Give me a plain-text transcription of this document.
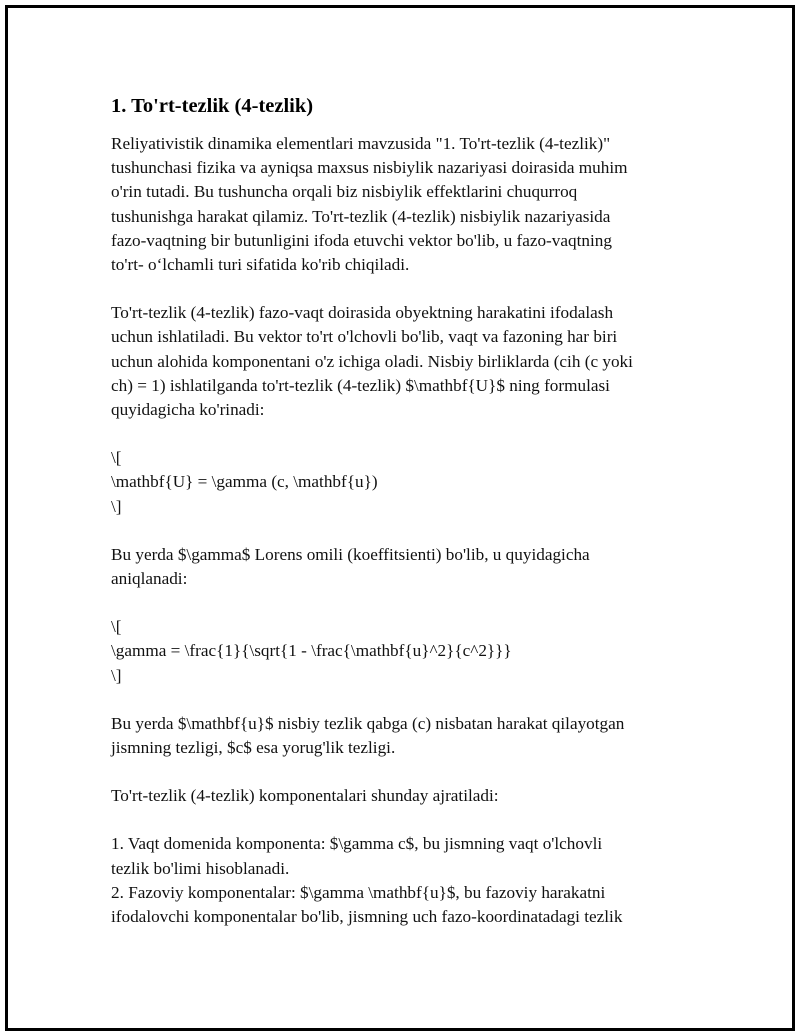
1. To'rt-tezlik (4-tezlik)
Reliyativistik dinamika elementlari mavzusida "1. To'rt-tezlik (4-tezlik)"
tushunchasi fizika va ayniqsa maxsus nisbiylik nazariyasi doirasida muhim
o'rin tutadi. Bu tushuncha orqali biz nisbiylik effektlarini chuqurroq
tushunishga harakat qilamiz. To'rt-tezlik (4-tezlik) nisbiylik nazariyasida
fazo-vaqtning bir butunligini ifoda etuvchi vektor bo'lib, u fazo-vaqtning
to'rt- o‘lchamli turi sifatida ko'rib chiqiladi.
To'rt-tezlik (4-tezlik) fazo-vaqt doirasida obyektning harakatini ifodalash
uchun ishlatiladi. Bu vektor to'rt o'lchovli bo'lib, vaqt va fazoning har biri
uchun alohida komponentani o'z ichiga oladi. Nisbiy birliklarda (cih (c yoki
ch) = 1) ishlatilganda to'rt-tezlik (4-tezlik) $\mathbf{U}$ ning formulasi
quyidagicha ko'rinadi:
\[
\mathbf{U} = \gamma (c, \mathbf{u})
\]
Bu yerda $\gamma$ Lorens omili (koeffitsienti) bo'lib, u quyidagicha
aniqlanadi:
\[
\gamma = \frac{1}{\sqrt{1 - \frac{\mathbf{u}^2}{c^2}}}
\]
Bu yerda $\mathbf{u}$ nisbiy tezlik qabga (c) nisbatan harakat qilayotgan
jismning tezligi, $c$ esa yorug'lik tezligi.
To'rt-tezlik (4-tezlik) komponentalari shunday ajratiladi:
1. Vaqt domenida komponenta: $\gamma c$, bu jismning vaqt o'lchovli
tezlik bo'limi hisoblanadi.
2. Fazoviy komponentalar: $\gamma \mathbf{u}$, bu fazoviy harakatni
ifodalovchi komponentalar bo'lib, jismning uch fazo-koordinatadagi tezlik
